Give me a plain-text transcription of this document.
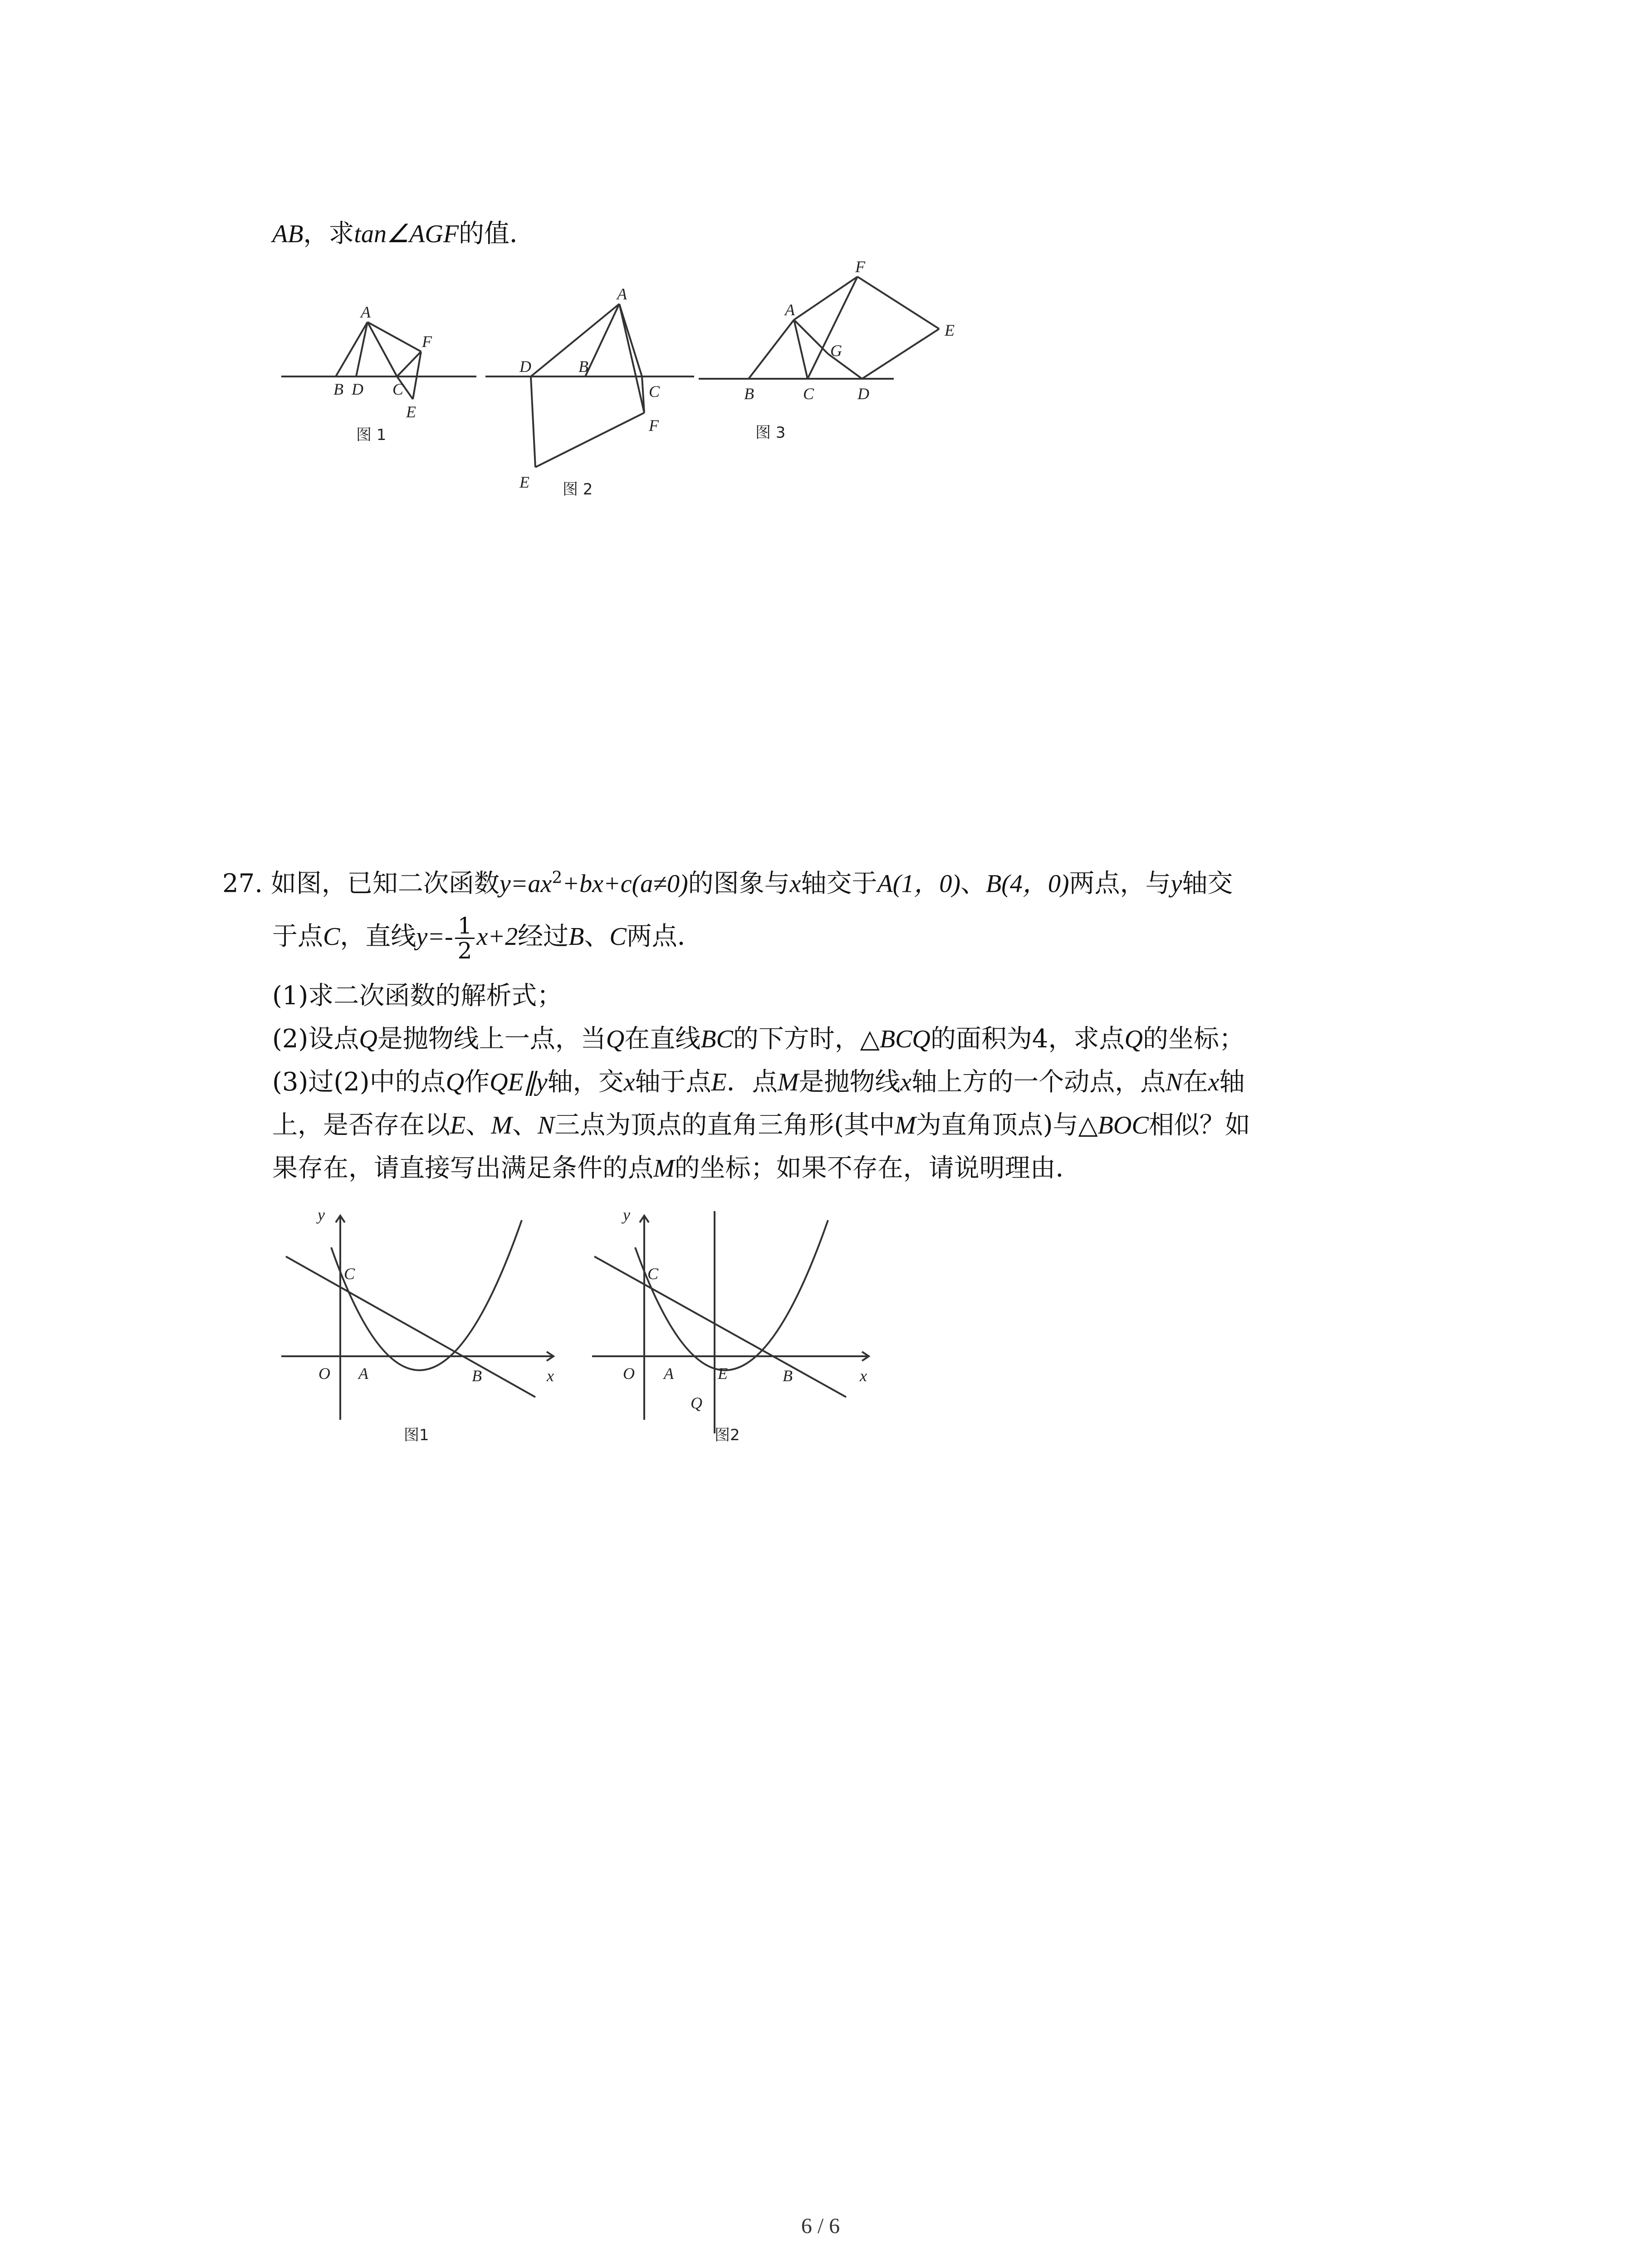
AB，求tan∠AGF的值．
A
F
B D C
E
图 1
A
D	B
C
F
E 图 2
F
A
E
G
B	C	D
图 3
27. 如图，已知二次函数$y=ax^2+bx+c(a\ne 0)$的图象与x轴交于A(1，0)、B(4，0)两点，与y轴交
于点C，直线$y=- \frac{1}{2} x+2$经过B、C两点．
(1)求二次函数的解析式；
(2)设点Q是抛物线上一点，当Q在直线BC的下方时，△BCQ的面积为4，求点Q的坐标；
(3)过(2)中的点Q作QE∥y轴，交x轴于点E．点M是抛物线x轴上方的一个动点，点N在x轴
上，是否存在以E、M、N三点为顶点的直角三角形(其中M为直角顶点)与△BOC相似？如
果存在，请直接写出满足条件的点M的坐标；如果不存在，请说明理由．
y
C
O A	B	x
图1
y
C
O A	E	B	x
Q
图2
6 / 6
